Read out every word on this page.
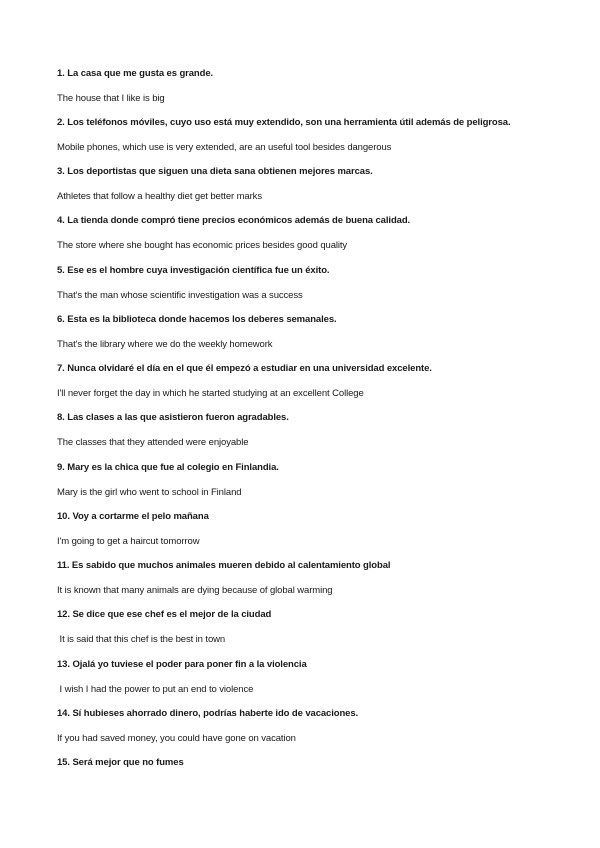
1. La casa que me gusta es grande.
The house that I like is big
2. Los teléfonos móviles, cuyo uso está muy extendido, son una herramienta útil además de peligrosa.
Mobile phones, which use is very extended, are an useful tool besides dangerous
3. Los deportistas que siguen una dieta sana obtienen mejores marcas.
Athletes that follow a healthy diet get better marks
4. La tienda donde compró tiene precios económicos además de buena calidad.
The store where she bought has economic prices besides good quality
5. Ese es el hombre cuya investigación científica fue un éxito.
That's the man whose scientific investigation was a success
6. Esta es la biblioteca donde hacemos los deberes semanales.
That's the library where we do the weekly homework
7. Nunca olvidaré el día en el que él empezó a estudiar en una universidad excelente.
I'll never forget the day in which he started studying at an excellent College
8. Las clases a las que asistieron fueron agradables.
The classes that they attended were enjoyable
9. Mary es la chica que fue al colegio en Finlandia.
Mary is the girl who went to school in Finland
10. Voy a cortarme el pelo mañana
I'm going to get a haircut tomorrow
11. Es sabido que muchos animales mueren debido al calentamiento global
It is known that many animals are dying because of global warming
12. Se dice que ese chef es el mejor de la ciudad
It is said that this chef is the best in town
13. Ojalá yo tuviese el poder para poner fin a la violencia
I wish I had the power to put an end to violence
14. Sí hubieses ahorrado dinero, podrías haberte ido de vacaciones.
If you had saved money, you could have gone on vacation
15. Será mejor que no fumes
